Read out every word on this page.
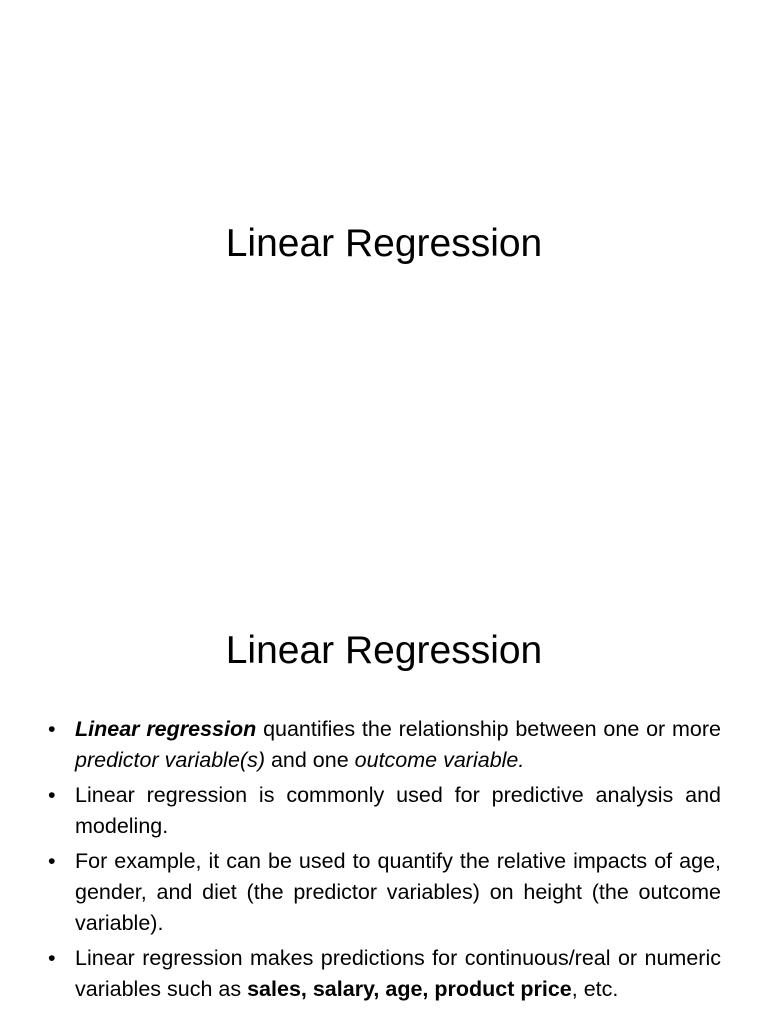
Linear Regression
Linear Regression
• Linear regression quantifies the relationship between one or more predictor variable(s) and one outcome variable.
• Linear regression is commonly used for predictive analysis and modeling.
• For example, it can be used to quantify the relative impacts of age, gender, and diet (the predictor variables) on height (the outcome variable).
• Linear regression makes predictions for continuous/real or numeric variables such as sales, salary, age, product price, etc.
